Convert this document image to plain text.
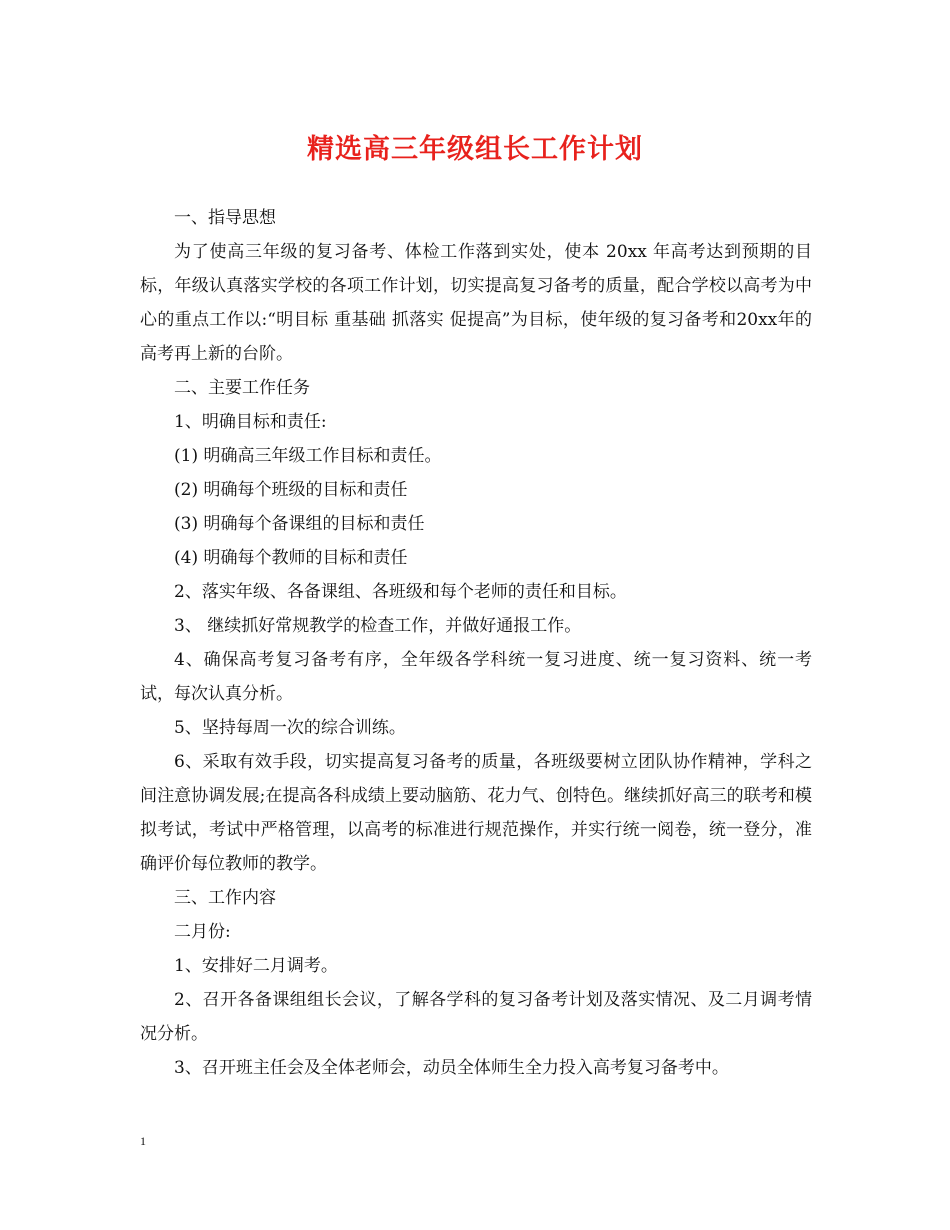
精选高三年级组长工作计划

一、指导思想

为了使高三年级的复习备考、体检工作落到实处，使本 20xx 年高考达到预期的目标，年级认真落实学校的各项工作计划，切实提高复习备考的质量，配合学校以高考为中心的重点工作以:“明目标 重基础 抓落实 促提高”为目标，使年级的复习备考和20xx年的高考再上新的台阶。

二、主要工作任务

1、明确目标和责任:

(1) 明确高三年级工作目标和责任。

(2) 明确每个班级的目标和责任

(3) 明确每个备课组的目标和责任

(4) 明确每个教师的目标和责任

2、落实年级、各备课组、各班级和每个老师的责任和目标。

3、 继续抓好常规教学的检查工作，并做好通报工作。

4、确保高考复习备考有序，全年级各学科统一复习进度、统一复习资料、统一考试，每次认真分析。

5、坚持每周一次的综合训练。

6、采取有效手段，切实提高复习备考的质量，各班级要树立团队协作精神，学科之间注意协调发展;在提高各科成绩上要动脑筋、花力气、创特色。继续抓好高三的联考和模拟考试，考试中严格管理，以高考的标准进行规范操作，并实行统一阅卷，统一登分，准确评价每位教师的教学。

三、工作内容

二月份:

1、安排好二月调考。

2、召开各备课组组长会议，了解各学科的复习备考计划及落实情况、及二月调考情况分析。

3、召开班主任会及全体老师会，动员全体师生全力投入高考复习备考中。

1
